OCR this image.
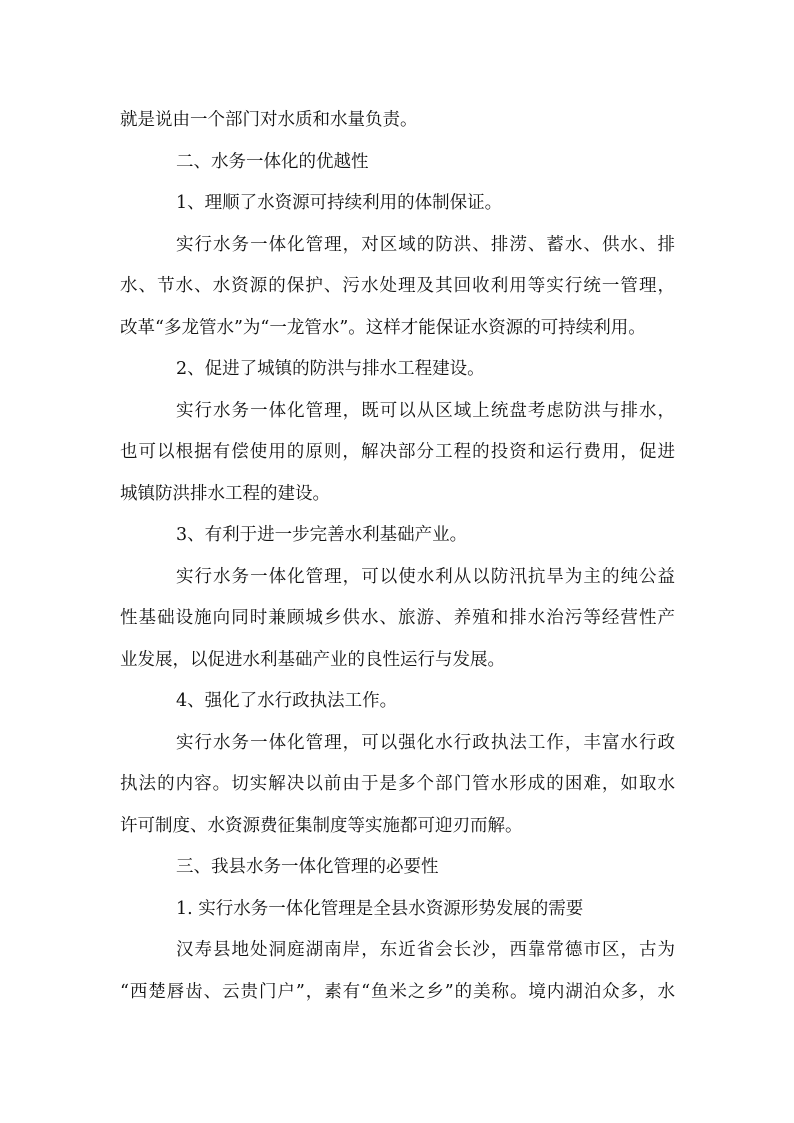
就是说由一个部门对水质和水量负责。
二、水务一体化的优越性
1、理顺了水资源可持续利用的体制保证。
实行水务一体化管理，对区域的防洪、排涝、蓄水、供水、排
水、节水、水资源的保护、污水处理及其回收利用等实行统一管理，
改革“多龙管水”为“一龙管水”。这样才能保证水资源的可持续利用。
2、促进了城镇的防洪与排水工程建设。
实行水务一体化管理，既可以从区域上统盘考虑防洪与排水，
也可以根据有偿使用的原则，解决部分工程的投资和运行费用，促进
城镇防洪排水工程的建设。
3、有利于进一步完善水利基础产业。
实行水务一体化管理，可以使水利从以防汛抗旱为主的纯公益
性基础设施向同时兼顾城乡供水、旅游、养殖和排水治污等经营性产
业发展，以促进水利基础产业的良性运行与发展。
4、强化了水行政执法工作。
实行水务一体化管理，可以强化水行政执法工作，丰富水行政
执法的内容。切实解决以前由于是多个部门管水形成的困难，如取水
许可制度、水资源费征集制度等实施都可迎刃而解。
三、我县水务一体化管理的必要性
1. 实行水务一体化管理是全县水资源形势发展的需要
汉寿县地处洞庭湖南岸，东近省会长沙，西靠常德市区，古为
“西楚唇齿、云贵门户”，素有“鱼米之乡”的美称。境内湖泊众多，水
